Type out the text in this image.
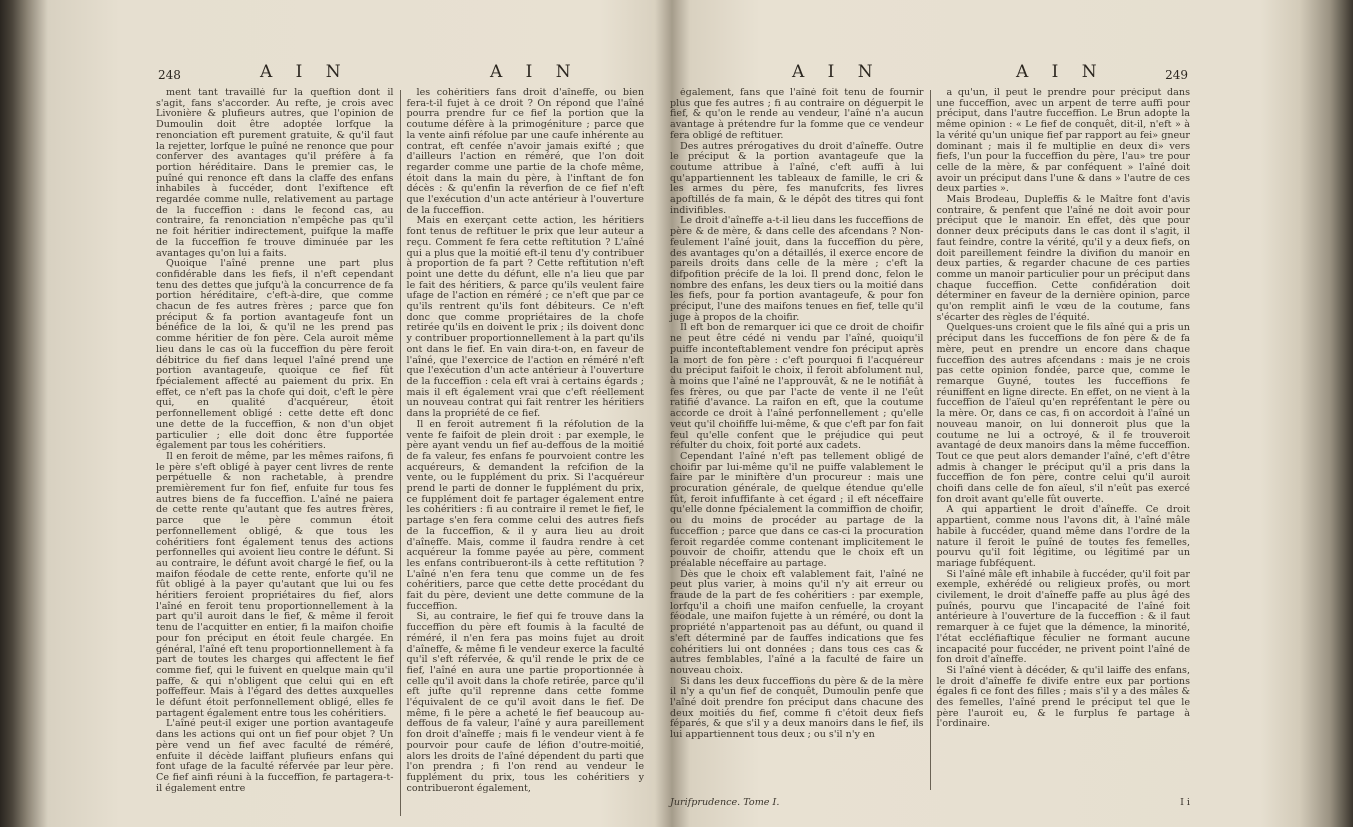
248	A I N	A I N

ment tant travaillé fur la queftion dont il s'agit, fans s'accorder. Au refte, je crois avec Livonière & plufieurs autres, que l'opinion de Dumoulin doit être adoptée lorfque la renonciation eft purement gratuite, & qu'il faut la rejetter, lorfque le puîné ne renonce que pour conferver des avantages qu'il préfère à fa portion héréditaire. Dans le premier cas, le puîné qui renonce eft dans la claffe des enfans inhabiles à fuccéder, dont l'exiftence eft regardée comme nulle, relativement au partage de la fucceffion : dans le fecond cas, au contraire, fa renonciation n'empêche pas qu'il ne foit héritier indirectement, puifque la maffe de la fucceffion fe trouve diminuée par les avantages qu'on lui a faits.

Quoique l'aîné prenne une part plus confidérable dans les fiefs, il n'eft cependant tenu des dettes que jufqu'à la concurrence de fa portion héréditaire, c'eft-à-dire, que comme chacun de fes autres frères ; parce que fon préciput & fa portion avantageufe font un bénéfice de la loi, & qu'il ne les prend pas comme héritier de fon père. Cela auroit même lieu dans le cas où la fucceffion du père feroit débitrice du fief dans lequel l'aîné prend une portion avantageufe, quoique ce fief fût fpécialement affecté au paiement du prix. En effet, ce n'eft pas la chofe qui doit, c'eft le père qui, en qualité d'acquéreur, étoit perfonnellement obligé : cette dette eft donc une dette de la fucceffion, & non d'un objet particulier ; elle doit donc être fupportée également par tous les cohéritiers.

Il en feroit de même, par les mêmes raifons, fi le père s'eft obligé à payer cent livres de rente perpétuelle & non rachetable, à prendre premièrement fur fon fief, enfuite fur tous fes autres biens de fa fucceffion. L'aîné ne paiera de cette rente qu'autant que fes autres frères, parce que le père commun étoit perfonnellement obligé, & que tous les cohéritiers font également tenus des actions perfonnelles qui avoient lieu contre le défunt. Si au contraire, le défunt avoit chargé le fief, ou la maifon féodale de cette rente, enforte qu'il ne fût obligé à la payer qu'autant que lui ou fes héritiers feroient propriétaires du fief, alors l'aîné en feroit tenu proportionnellement à la part qu'il auroit dans le fief, & même il feroit tenu de l'acquitter en entier, fi la maifon choifie pour fon préciput en étoit feule chargée. En général, l'aîné eft tenu proportionnellement à fa part de toutes les charges qui affectent le fief comme fief, qui le fuivent en quelque main qu'il paffe, & qui n'obligent que celui qui en eft poffeffeur. Mais à l'égard des dettes auxquelles le défunt étoit perfonnellement obligé, elles fe partagent également entre tous les cohéritiers.

L'aîné peut-il exiger une portion avantageufe dans les actions qui ont un fief pour objet ? Un père vend un fief avec faculté de réméré, enfuite il décède laiffant plufieurs enfans qui font ufage de la faculté réfervée par leur père. Ce fief ainfi réuni à la fucceffion, fe partagera-t-il également entre

les cohéritiers fans droit d'aîneffe, ou bien fera-t-il fujet à ce droit ? On répond que l'aîné pourra prendre fur ce fief la portion que la coutume défère à la primogéniture ; parce que la vente ainfi réfolue par une caufe inhérente au contrat, eft cenfée n'avoir jamais exifté ; que d'ailleurs l'action en réméré, que l'on doit regarder comme une partie de la chofe même, étoit dans la main du père, à l'inftant de fon décès : & qu'enfin la réverfion de ce fief n'eft que l'exécution d'un acte antérieur à l'ouverture de la fucceffion.

Mais en exerçant cette action, les héritiers font tenus de reftituer le prix que leur auteur a reçu. Comment fe fera cette reftitution ? L'aîné qui a plus que la moitié eft-il tenu d'y contribuer à proportion de fa part ? Cette reftitution n'eft point une dette du défunt, elle n'a lieu que par le fait des héritiers, & parce qu'ils veulent faire ufage de l'action en réméré ; ce n'eft que par ce qu'ils rentrent qu'ils font débiteurs. Ce n'eft donc que comme propriétaires de la chofe retirée qu'ils en doivent le prix ; ils doivent donc y contribuer proportionnellement à la part qu'ils ont dans le fief. En vain dira-t-on, en faveur de l'aîné, que l'exercice de l'action en réméré n'eft que l'exécution d'un acte antérieur à l'ouverture de la fucceffion : cela eft vrai à certains égards ; mais il eft également vrai que c'eft réellement un nouveau contrat qui fait rentrer les héritiers dans la propriété de ce fief.

Il en feroit autrement fi la réfolution de la vente fe faifoit de plein droit : par exemple, le père ayant vendu un fief au-deffous de la moitié de fa valeur, fes enfans fe pourvoient contre les acquéreurs, & demandent la refcifion de la vente, ou le fupplément du prix. Si l'acquéreur prend le parti de donner le fupplément du prix, ce fupplément doit fe partager également entre les cohéritiers : fi au contraire il remet le fief, le partage s'en fera comme celui des autres fiefs de la fucceffion, & il y aura lieu au droit d'aîneffe. Mais, comme il faudra rendre à cet acquéreur la fomme payée au père, comment les enfans contribueront-ils à cette reftitution ? L'aîné n'en fera tenu que comme un de fes cohéritiers, parce que cette dette procédant du fait du père, devient une dette commune de la fucceffion.

Si, au contraire, le fief qui fe trouve dans la fucceffion du père eft foumis à la faculté de réméré, il n'en fera pas moins fujet au droit d'aîneffe, & même fi le vendeur exerce la faculté qu'il s'eft réfervée, & qu'il rende le prix de ce fief, l'aîné en aura une partie proportionnée à celle qu'il avoit dans la chofe retirée, parce qu'il eft jufte qu'il reprenne dans cette fomme l'équivalent de ce qu'il avoit dans le fief. De même, fi le père a acheté le fief beaucoup au-deffous de fa valeur, l'aîné y aura pareillement fon droit d'aîneffe ; mais fi le vendeur vient à fe pourvoir pour caufe de léfion d'outre-moitié, alors les droits de l'aîné dépendent du parti que l'on prendra ; fi l'on rend au vendeur le fupplément du prix, tous les cohéritiers y contribueront également,

A I N	A I N	249

également, fans que l'aîné foit tenu de fournir plus que fes autres ; fi au contraire on déguerpit le fief, & qu'on le rende au vendeur, l'aîné n'a aucun avantage à prétendre fur la fomme que ce vendeur fera obligé de reftituer.

Des autres prérogatives du droit d'aîneffe. Outre le préciput & la portion avantageufe que la coutume attribue à l'aîné, c'eft auffi à lui qu'appartiennent les tableaux de famille, le cri & les armes du père, fes manufcrits, fes livres apoftillés de fa main, & le dépôt des titres qui font indivifibles.

Le droit d'aîneffe a-t-il lieu dans les fucceffions de père & de mère, & dans celle des afcendans ? Non-feulement l'aîné jouit, dans la fucceffion du père, des avantages qu'on a détaillés, il exerce encore de pareils droits dans celle de la mère ; c'eft la difpofition précife de la loi. Il prend donc, felon le nombre des enfans, les deux tiers ou la moitié dans les fiefs, pour fa portion avantageufe, & pour fon préciput, l'une des maifons tenues en fief, telle qu'il juge à propos de la choifir.

Il eft bon de remarquer ici que ce droit de choifir ne peut être cédé ni vendu par l'aîné, quoiqu'il puiffe inconteftablement vendre fon préciput après la mort de fon père : c'eft pourquoi fi l'acquéreur du préciput faifoit le choix, il feroit abfolument nul, à moins que l'aîné ne l'approuvât, & ne le notifiât à fes frères, ou que par l'acte de vente il ne l'eût ratifié d'avance. La raifon en eft, que la coutume accorde ce droit à l'aîné perfonnellement ; qu'elle veut qu'il choififfe lui-même, & que c'eft par fon fait feul qu'elle confent que le préjudice qui peut réfulter du choix, foit porté aux cadets.

Cependant l'aîné n'eft pas tellement obligé de choifir par lui-même qu'il ne puiffe valablement le faire par le miniftère d'un procureur : mais une procuration générale, de quelque étendue qu'elle fût, feroit infuffifante à cet égard ; il eft néceffaire qu'elle donne fpécialement la commiffion de choifir, ou du moins de procéder au partage de la fucceffion ; parce que dans ce cas-ci la procuration feroit regardée comme contenant implicitement le pouvoir de choifir, attendu que le choix eft un préalable néceffaire au partage.

Dès que le choix eft valablement fait, l'aîné ne peut plus varier, à moins qu'il n'y ait erreur ou fraude de la part de fes cohéritiers : par exemple, lorfqu'il a choifi une maifon cenfuelle, la croyant féodale, une maifon fujette à un réméré, ou dont la propriété n'appartenoit pas au défunt, ou quand il s'eft déterminé par de fauffes indications que fes cohéritiers lui ont données ; dans tous ces cas & autres femblables, l'aîné a la faculté de faire un nouveau choix.

Si dans les deux fucceffions du père & de la mère il n'y a qu'un fief de conquêt, Dumoulin penfe que l'aîné doit prendre fon préciput dans chacune des deux moitiés du fief, comme fi c'étoit deux fiefs féparés, & que s'il y a deux manoirs dans le fief, ils lui appartiennent tous deux ; ou s'il n'y en

a qu'un, il peut le prendre pour préciput dans une fucceffion, avec un arpent de terre auffi pour préciput, dans l'autre fucceffion. Le Brun adopte la même opinion : « Le fief de conquêt, dit-il, n'eft » à la vérité qu'un unique fief par rapport au fei» gneur dominant ; mais il fe multiplie en deux di» vers fiefs, l'un pour la fucceffion du père, l'au» tre pour celle de la mère, & par conféquent » l'aîné doit avoir un préciput dans l'une & dans » l'autre de ces deux parties ».

Mais Brodeau, Dupleffis & le Maître font d'avis contraire, & penfent que l'aîné ne doit avoir pour préciput que le manoir. En effet, dès que pour donner deux préciputs dans le cas dont il s'agit, il faut feindre, contre la vérité, qu'il y a deux fiefs, on doit pareillement feindre la divifion du manoir en deux parties, & regarder chacune de ces parties comme un manoir particulier pour un préciput dans chaque fucceffion. Cette confidération doit déterminer en faveur de la dernière opinion, parce qu'on remplit ainfi le vœu de la coutume, fans s'écarter des règles de l'équité.

Quelques-uns croient que le fils aîné qui a pris un préciput dans les fucceffions de fon père & de fa mère, peut en prendre un encore dans chaque fucceffion des autres afcendans : mais je ne crois pas cette opinion fondée, parce que, comme le remarque Guyné, toutes les fucceffions fe réuniffent en ligne directe. En effet, on ne vient à la fucceffion de l'aïeul qu'en repréfentant le père ou la mère. Or, dans ce cas, fi on accordoit à l'aîné un nouveau manoir, on lui donneroit plus que la coutume ne lui a octroyé, & il fe trouveroit avantagé de deux manoirs dans la même fucceffion. Tout ce que peut alors demander l'aîné, c'eft d'être admis à changer le préciput qu'il a pris dans la fucceffion de fon père, contre celui qu'il auroit choifi dans celle de fon aïeul, s'il n'eût pas exercé fon droit avant qu'elle fût ouverte.

A qui appartient le droit d'aîneffe. Ce droit appartient, comme nous l'avons dit, à l'aîné mâle habile à fuccéder, quand même dans l'ordre de la nature il feroit le puîné de toutes fes femelles, pourvu qu'il foit légitime, ou légitimé par un mariage fubféquent.

Si l'aîné mâle eft inhabile à fuccéder, qu'il foit par exemple, exhérédé ou religieux profès, ou mort civilement, le droit d'aîneffe paffe au plus âgé des puînés, pourvu que l'incapacité de l'aîné foit antérieure à l'ouverture de la fucceffion : & il faut remarquer à ce fujet que la démence, la minorité, l'état eccléfiaftique féculier ne formant aucune incapacité pour fuccéder, ne privent point l'aîné de fon droit d'aîneffe.

Si l'aîné vient à décéder, & qu'il laiffe des enfans, le droit d'aîneffe fe divife entre eux par portions égales fi ce font des filles ; mais s'il y a des mâles & des femelles, l'aîné prend le préciput tel que le père l'auroit eu, & le furplus fe partage à l'ordinaire.

Jurifprudence. Tome I.	I i
